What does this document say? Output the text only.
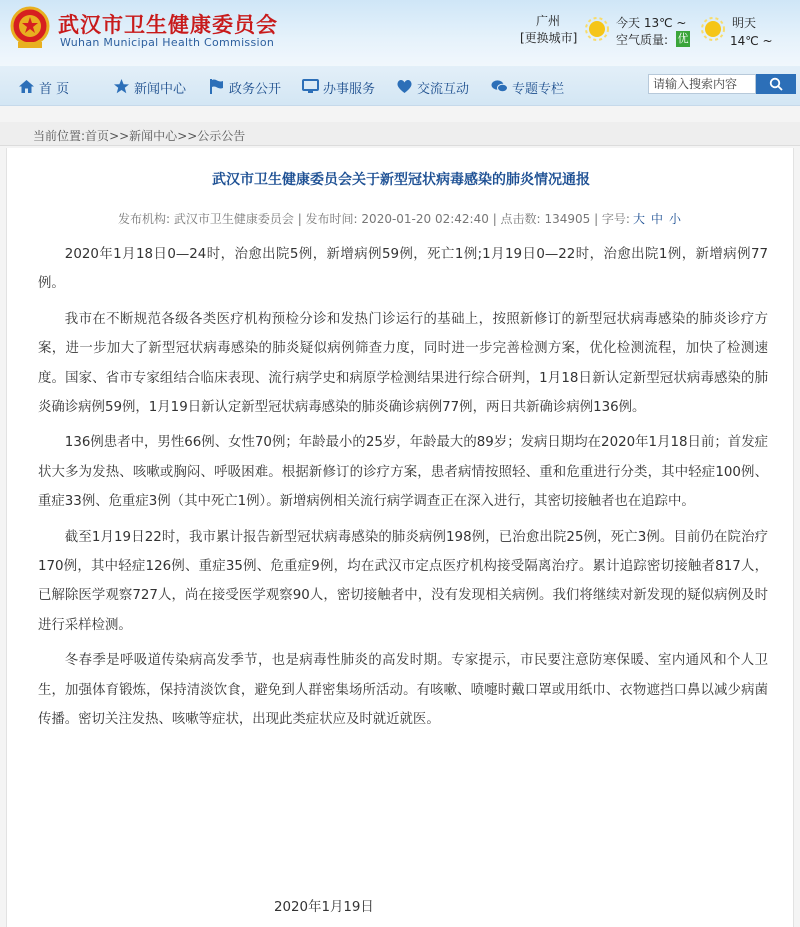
武汉市卫生健康委员会
Wuhan Municipal Health Commission
广州
[更换城市]
今天 13℃ ~
空气质量: 优
明天
14℃ ~
首 页	新闻中心	政务公开	办事服务	交流互动	专题专栏
请输入搜索内容
当前位置:首页>>新闻中心>>公示公告
武汉市卫生健康委员会关于新型冠状病毒感染的肺炎情况通报
发布机构: 武汉市卫生健康委员会 | 发布时间: 2020-01-20 02:42:40 | 点击数: 134905 | 字号: 大 中 小

2020年1月18日0—24时，治愈出院5例，新增病例59例，死亡1例;1月19日0—22时，治愈出院1例，新增病例77例。

我市在不断规范各级各类医疗机构预检分诊和发热门诊运行的基础上，按照新修订的新型冠状病毒感染的肺炎诊疗方案，进一步加大了新型冠状病毒感染的肺炎疑似病例筛查力度，同时进一步完善检测方案，优化检测流程，加快了检测速度。国家、省市专家组结合临床表现、流行病学史和病原学检测结果进行综合研判，1月18日新认定新型冠状病毒感染的肺炎确诊病例59例，1月19日新认定新型冠状病毒感染的肺炎确诊病例77例，两日共新确诊病例136例。

136例患者中，男性66例、女性70例；年龄最小的25岁，年龄最大的89岁；发病日期均在2020年1月18日前；首发症状大多为发热、咳嗽或胸闷、呼吸困难。根据新修订的诊疗方案，患者病情按照轻、重和危重进行分类，其中轻症100例、重症33例、危重症3例（其中死亡1例）。新增病例相关流行病学调查正在深入进行，其密切接触者也在追踪中。

截至1月19日22时，我市累计报告新型冠状病毒感染的肺炎病例198例，已治愈出院25例，死亡3例。目前仍在院治疗170例，其中轻症126例、重症35例、危重症9例，均在武汉市定点医疗机构接受隔离治疗。累计追踪密切接触者817人，已解除医学观察727人，尚在接受医学观察90人，密切接触者中，没有发现相关病例。我们将继续对新发现的疑似病例及时进行采样检测。

冬春季是呼吸道传染病高发季节，也是病毒性肺炎的高发时期。专家提示，市民要注意防寒保暖、室内通风和个人卫生，加强体育锻炼，保持清淡饮食，避免到人群密集场所活动。有咳嗽、喷嚏时戴口罩或用纸巾、衣物遮挡口鼻以减少病菌传播。密切关注发热、咳嗽等症状，出现此类症状应及时就近就医。

2020年1月19日
